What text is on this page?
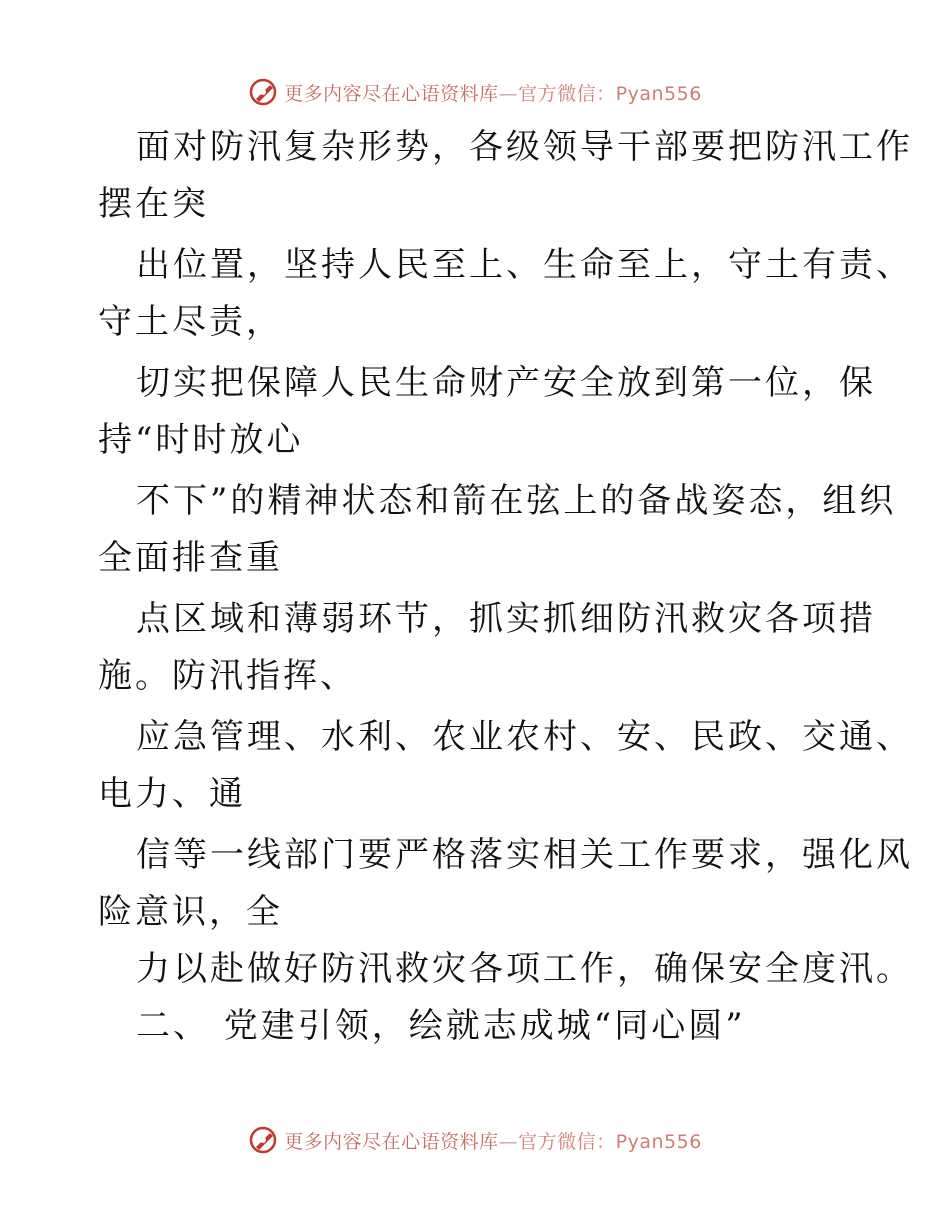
更多内容尽在心语资料库—官方微信：Pyan556
面对防汛复杂形势，各级领导干部要把防汛工作
摆在突
出位置，坚持人民至上、生命至上，守土有责、
守土尽责，
切实把保障人民生命财产安全放到第一位，保
持“时时放心
不下”的精神状态和箭在弦上的备战姿态，组织
全面排查重
点区域和薄弱环节，抓实抓细防汛救灾各项措
施。防汛指挥、
应急管理、水利、农业农村、安、民政、交通、
电力、通
信等一线部门要严格落实相关工作要求，强化风
险意识，全
力以赴做好防汛救灾各项工作，确保安全度汛。
二、 党建引领，绘就志成城“同心圆”
更多内容尽在心语资料库—官方微信：Pyan556
